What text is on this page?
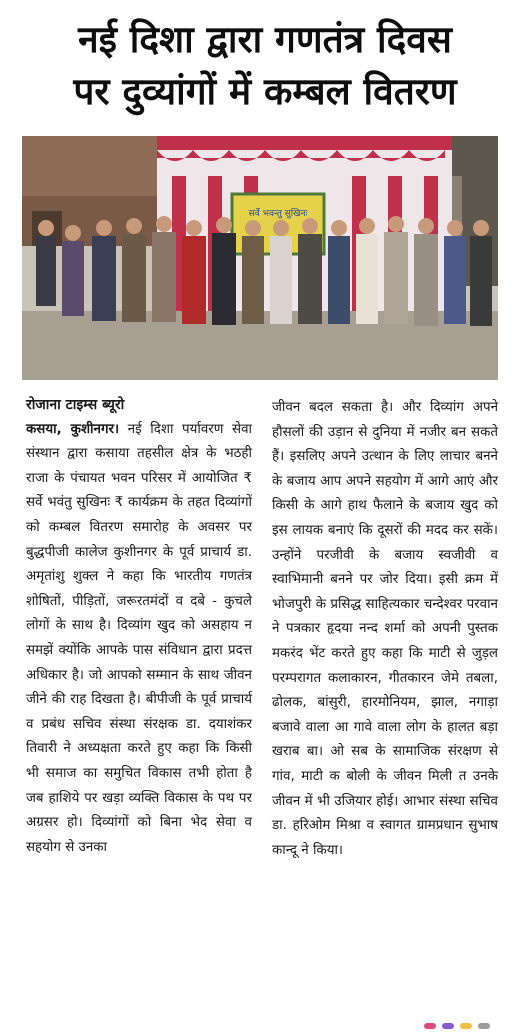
नई दिशा द्वारा गणतंत्र दिवस
पर दुव्यांगों में कम्बल वितरण
सर्वे भवन्तु सुखिनः

रोजाना टाइम्स ब्यूरो

कसया, कुशीनगर। नई दिशा पर्यावरण सेवा संस्थान द्वारा कसाया तहसील क्षेत्र के भठही राजा के पंचायत भवन परिसर में आयोजित ₹ सर्वे भवंतु सुखिनः ₹ कार्यक्रम के तहत दिव्यांगों को कम्बल वितरण समारोह के अवसर पर बुद्धपीजी कालेज कुशीनगर के पूर्व प्राचार्य डा. अमृतांशु शुक्ल ने कहा कि भारतीय गणतंत्र शोषितों, पीड़ितों, जरूरतमंदों व दबे - कुचले लोगों के साथ है। दिव्यांग खुद को असहाय न समझें क्योंकि आपके पास संविधान द्वारा प्रदत्त अधिकार है। जो आपको सम्मान के साथ जीवन जीने की राह दिखता है। बीपीजी के पूर्व प्राचार्य व प्रबंध सचिव संस्था संरक्षक डा. दयाशंकर तिवारी ने अध्यक्षता करते हुए कहा कि किसी भी समाज का समुचित विकास तभी होता है जब हाशिये पर खड़ा व्यक्ति विकास के पथ पर अग्रसर हो। दिव्यांगों को बिना भेद सेवा व सहयोग से उनका

जीवन बदल सकता है। और दिव्यांग अपने हौसलों की उड़ान से दुनिया में नजीर बन सकते हैं। इसलिए अपने उत्थान के लिए लाचार बनने के बजाय आप अपने सहयोग में आगे आएं और किसी के आगे हाथ फैलाने के बजाय खुद को इस लायक बनाएं कि दूसरों की मदद कर सकें। उन्होंने परजीवी के बजाय स्वजीवी व स्वाभिमानी बनने पर जोर दिया। इसी क्रम में भोजपुरी के प्रसिद्ध साहित्यकार चन्देश्वर परवान ने पत्रकार हृदया नन्द शर्मा को अपनी पुस्तक मकरंद भेंट करते हुए कहा कि माटी से जुड़ल परम्परागत कलाकारन, गीतकारन जेमे तबला, ढोलक, बांसुरी, हारमोनियम, झाल, नगाड़ा बजावे वाला आ गावे वाला लोग के हालत बड़ा खराब बा। ओ सब के सामाजिक संरक्षण से गांव, माटी क बोली के जीवन मिली त उनके जीवन में भी उजियार होई। आभार संस्था सचिव डा. हरिओम मिश्रा व स्वागत ग्रामप्रधान सुभाष कान्दू ने किया।
